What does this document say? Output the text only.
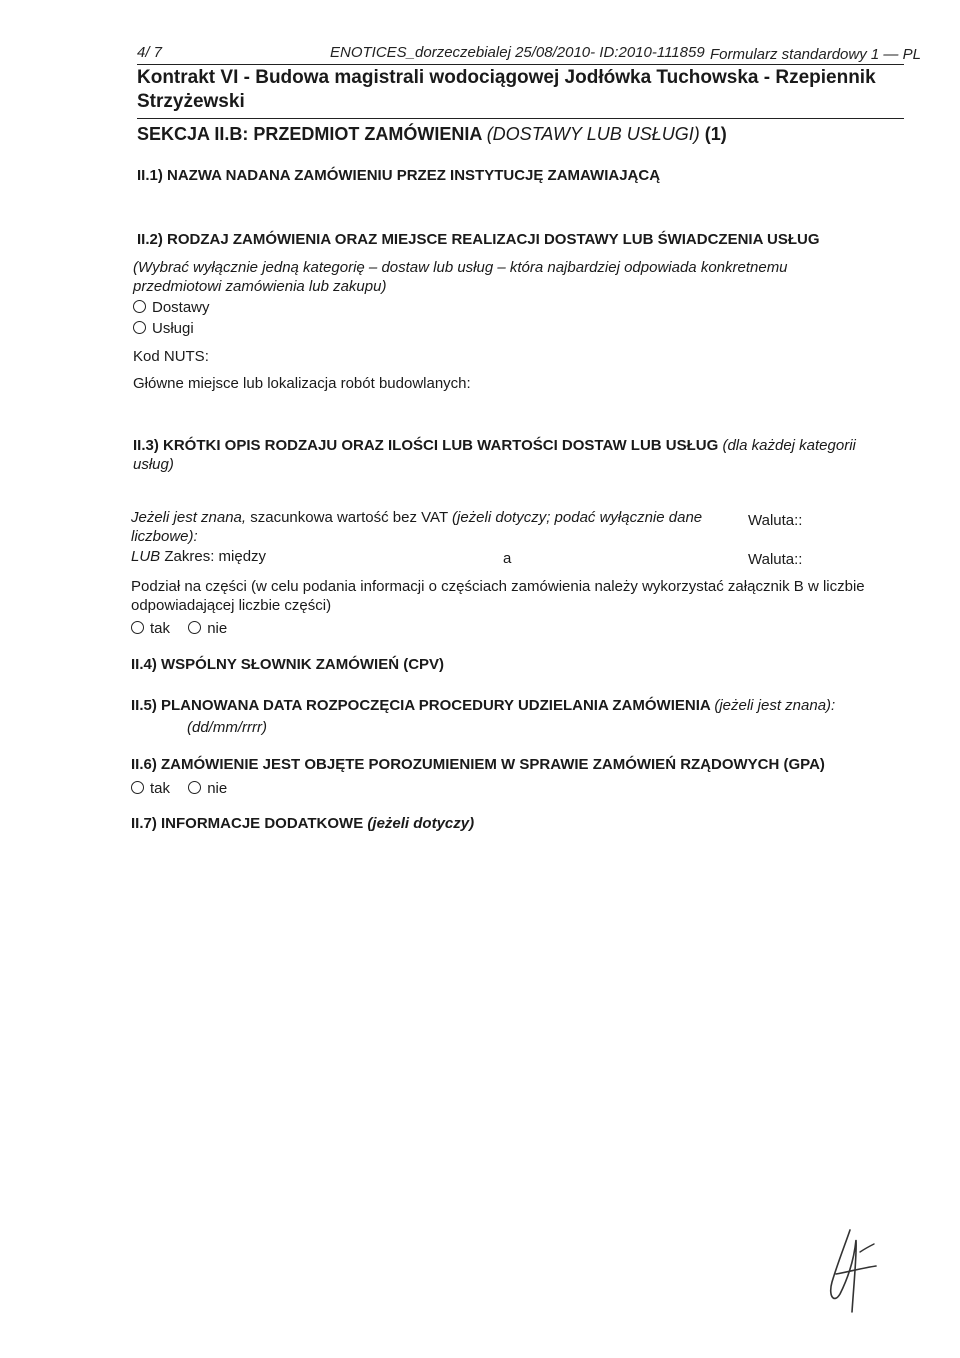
4/ 7	ENOTICES_dorzeczebialej 25/08/2010- ID:2010-111859 Formularz standardowy 1 — PL
Kontrakt VI - Budowa magistrali wodociągowej Jodłówka Tuchowska - Rzepiennik Strzyżewski
SEKCJA II.B: PRZEDMIOT ZAMÓWIENIA (DOSTAWY LUB USŁUGI) (1)
II.1) NAZWA NADANA ZAMÓWIENIU PRZEZ INSTYTUCJĘ ZAMAWIAJĄCĄ
II.2) RODZAJ ZAMÓWIENIA ORAZ MIEJSCE REALIZACJI DOSTAWY LUB ŚWIADCZENIA USŁUG
(Wybrać wyłącznie jedną kategorię – dostaw lub usług – która najbardziej odpowiada konkretnemu przedmiotowi zamówienia lub zakupu)
Dostawy
Usługi
Kod NUTS:
Główne miejsce lub lokalizacja robót budowlanych:
II.3) KRÓTKI OPIS RODZAJU ORAZ ILOŚCI LUB WARTOŚCI DOSTAW LUB USŁUG (dla każdej kategorii usług)
Jeżeli jest znana, szacunkowa wartość bez VAT (jeżeli dotyczy; podać wyłącznie dane liczbowe):
Waluta::
LUB Zakres: między	a	Waluta::
Podział na części (w celu podania informacji o częściach zamówienia należy wykorzystać załącznik B w liczbie odpowiadającej liczbie części)
tak nie
II.4) WSPÓLNY SŁOWNIK ZAMÓWIEŃ (CPV)
II.5) PLANOWANA DATA ROZPOCZĘCIA PROCEDURY UDZIELANIA ZAMÓWIENIA (jeżeli jest znana):
(dd/mm/rrrr)
II.6) ZAMÓWIENIE JEST OBJĘTE POROZUMIENIEM W SPRAWIE ZAMÓWIEŃ RZĄDOWYCH (GPA)
tak nie
II.7) INFORMACJE DODATKOWE (jeżeli dotyczy)
